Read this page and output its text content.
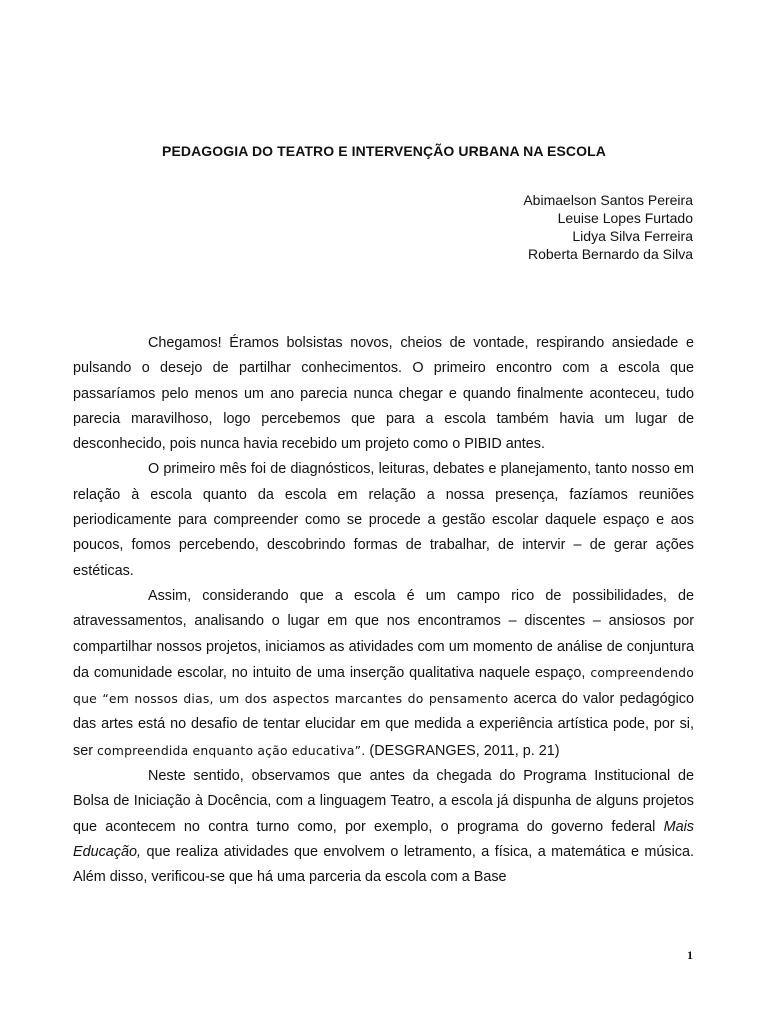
PEDAGOGIA DO TEATRO E INTERVENÇÃO URBANA NA ESCOLA
Abimaelson Santos Pereira
Leuise Lopes Furtado
Lidya Silva Ferreira
Roberta Bernardo da Silva

Chegamos! Éramos bolsistas novos, cheios de vontade, respirando ansiedade e pulsando o desejo de partilhar conhecimentos. O primeiro encontro com a escola que passaríamos pelo menos um ano parecia nunca chegar e quando finalmente aconteceu, tudo parecia maravilhoso, logo percebemos que para a escola também havia um lugar de desconhecido, pois nunca havia recebido um projeto como o PIBID antes.

O primeiro mês foi de diagnósticos, leituras, debates e planejamento, tanto nosso em relação à escola quanto da escola em relação a nossa presença, fazíamos reuniões periodicamente para compreender como se procede a gestão escolar daquele espaço e aos poucos, fomos percebendo, descobrindo formas de trabalhar, de intervir – de gerar ações estéticas.

Assim, considerando que a escola é um campo rico de possibilidades, de atravessamentos, analisando o lugar em que nos encontramos – discentes – ansiosos por compartilhar nossos projetos, iniciamos as atividades com um momento de análise de conjuntura da comunidade escolar, no intuito de uma inserção qualitativa naquele espaço, compreendendo que “em nossos dias, um dos aspectos marcantes do pensamento acerca do valor pedagógico das artes está no desafio de tentar elucidar em que medida a experiência artística pode, por si, ser compreendida enquanto ação educativa”. (DESGRANGES, 2011, p. 21)

Neste sentido, observamos que antes da chegada do Programa Institucional de Bolsa de Iniciação à Docência, com a linguagem Teatro, a escola já dispunha de alguns projetos que acontecem no contra turno como, por exemplo, o programa do governo federal Mais Educação, que realiza atividades que envolvem o letramento, a física, a matemática e música. Além disso, verificou-se que há uma parceria da escola com a Base

1
